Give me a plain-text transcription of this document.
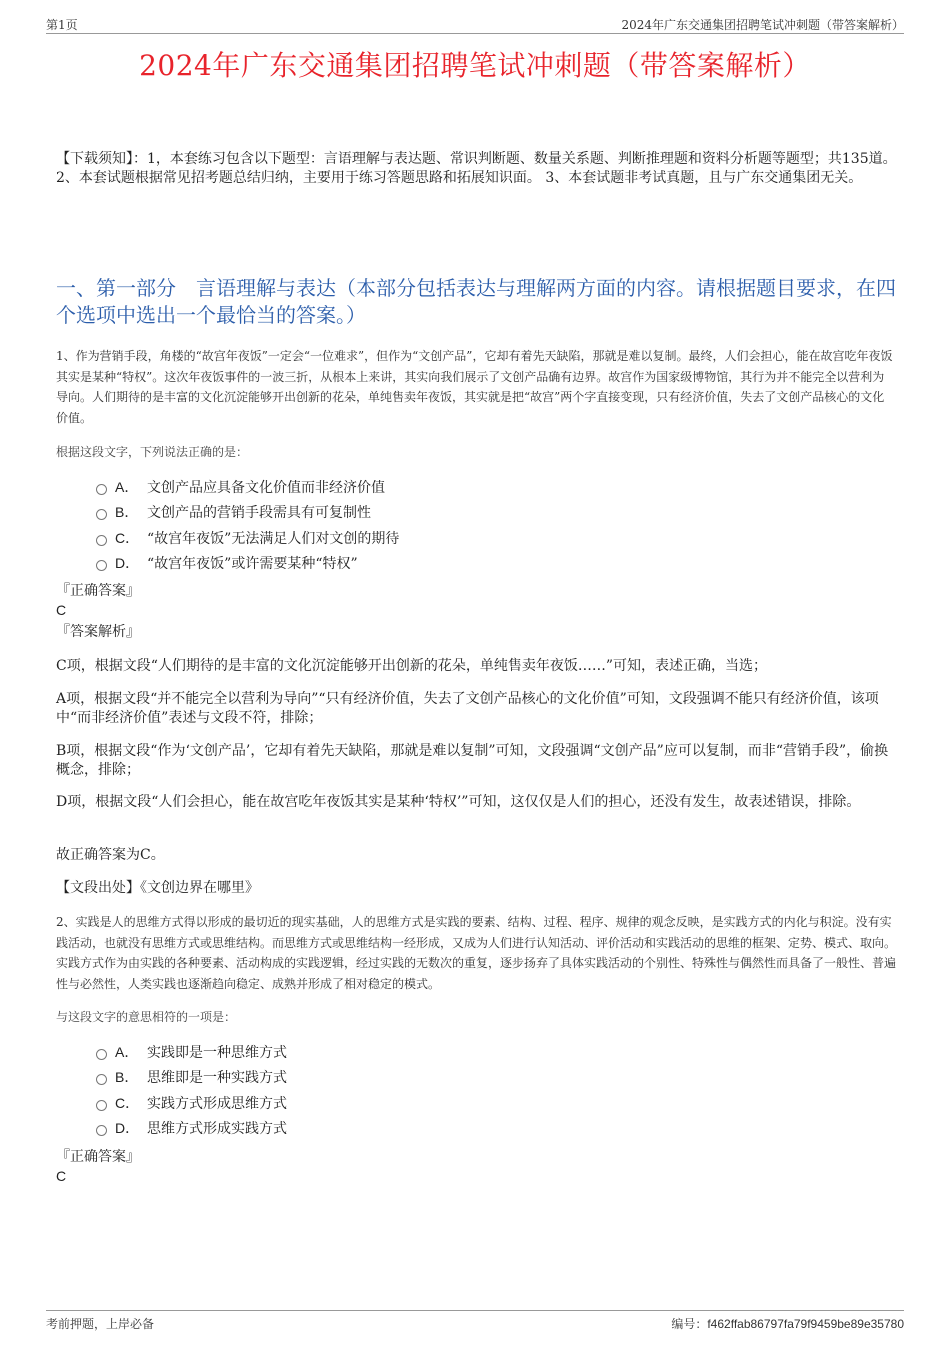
第1页	2024年广东交通集团招聘笔试冲刺题（带答案解析）
2024年广东交通集团招聘笔试冲刺题（带答案解析）
【下载须知】：1，本套练习包含以下题型：言语理解与表达题、常识判断题、数量关系题、判断推理题和资料分析题等题型；共135道。 2、本套试题根据常见招考题总结归纳，主要用于练习答题思路和拓展知识面。 3、本套试题非考试真题，且与广东交通集团无关。
一、第一部分　言语理解与表达（本部分包括表达与理解两方面的内容。请根据题目要求，在四个选项中选出一个最恰当的答案。）
1、作为营销手段，角楼的“故宫年夜饭”一定会“一位难求”，但作为“文创产品”，它却有着先天缺陷，那就是难以复制。最终，人们会担心，能在故宫吃年夜饭其实是某种“特权”。这次年夜饭事件的一波三折，从根本上来讲，其实向我们展示了文创产品确有边界。故宫作为国家级博物馆，其行为并不能完全以营利为导向。人们期待的是丰富的文化沉淀能够开出创新的花朵，单纯售卖年夜饭，其实就是把“故宫”两个字直接变现，只有经济价值，失去了文创产品核心的文化价值。
根据这段文字，下列说法正确的是：
A． 文创产品应具备文化价值而非经济价值
B． 文创产品的营销手段需具有可复制性
C． “故宫年夜饭”无法满足人们对文创的期待
D． “故宫年夜饭”或许需要某种“特权”
『正确答案』
C
『答案解析』
C项，根据文段“人们期待的是丰富的文化沉淀能够开出创新的花朵，单纯售卖年夜饭……”可知，表述正确，当选；
A项，根据文段“并不能完全以营利为导向”“只有经济价值，失去了文创产品核心的文化价值”可知，文段强调不能只有经济价值，该项中“而非经济价值”表述与文段不符，排除；
B项，根据文段“作为‘文创产品’，它却有着先天缺陷，那就是难以复制”可知，文段强调“文创产品”应可以复制，而非“营销手段”，偷换概念，排除；
D项，根据文段“人们会担心，能在故宫吃年夜饭其实是某种‘特权’”可知，这仅仅是人们的担心，还没有发生，故表述错误，排除。
故正确答案为C。
【文段出处】《文创边界在哪里》
2、实践是人的思维方式得以形成的最切近的现实基础，人的思维方式是实践的要素、结构、过程、程序、规律的观念反映，是实践方式的内化与积淀。没有实践活动，也就没有思维方式或思维结构。而思维方式或思维结构一经形成，又成为人们进行认知活动、评价活动和实践活动的思维的框架、定势、模式、取向。实践方式作为由实践的各种要素、活动构成的实践逻辑，经过实践的无数次的重复，逐步扬弃了具体实践活动的个别性、特殊性与偶然性而具备了一般性、普遍性与必然性，人类实践也逐渐趋向稳定、成熟并形成了相对稳定的模式。
与这段文字的意思相符的一项是：
A． 实践即是一种思维方式
B． 思维即是一种实践方式
C． 实践方式形成思维方式
D． 思维方式形成实践方式
『正确答案』
C
考前押题，上岸必备	编号：f462ffab86797fa79f9459be89e35780
